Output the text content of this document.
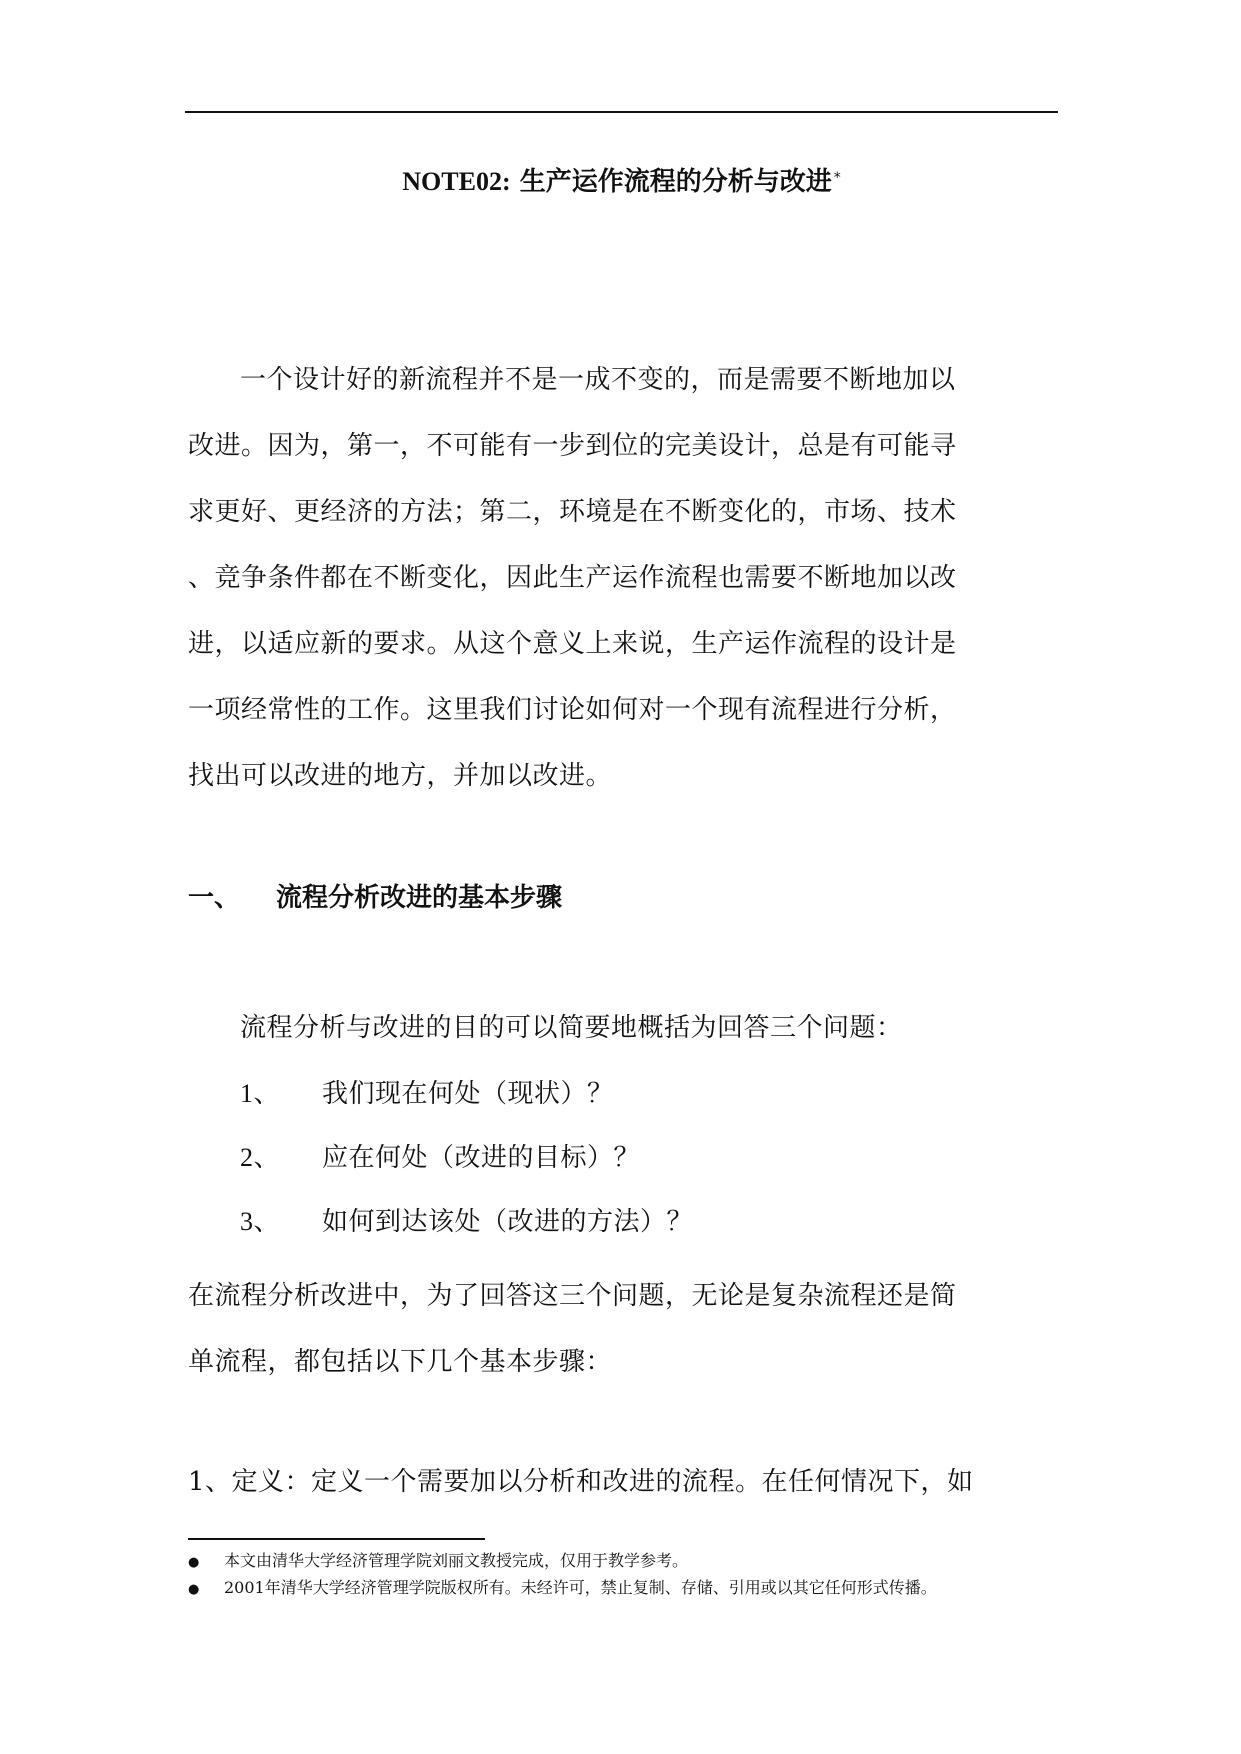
NOTE02: 生产运作流程的分析与改进 *
一个设计好的新流程并不是一成不变的，而是需要不断地加以
改进。因为，第一，不可能有一步到位的完美设计，总是有可能寻
求更好、更经济的方法；第二，环境是在不断变化的，市场、技术
、竞争条件都在不断变化，因此生产运作流程也需要不断地加以改
进，以适应新的要求。从这个意义上来说，生产运作流程的设计是
一项经常性的工作。这里我们讨论如何对一个现有流程进行分析，
找出可以改进的地方，并加以改进。
一、 流程分析改进的基本步骤
流程分析与改进的目的可以简要地概括为回答三个问题：
1、 我们现在何处（现状）？
2、 应在何处（改进的目标）？
3、 如何到达该处（改进的方法）？
在流程分析改进中，为了回答这三个问题，无论是复杂流程还是简
单流程，都包括以下几个基本步骤：
1、定义：定义一个需要加以分析和改进的流程。在任何情况下，如
● 本文由清华大学经济管理学院刘丽文教授完成，仅用于教学参考。
● 2001年清华大学经济管理学院版权所有。未经许可，禁止复制、存储、引用或以其它任何形式传播。
